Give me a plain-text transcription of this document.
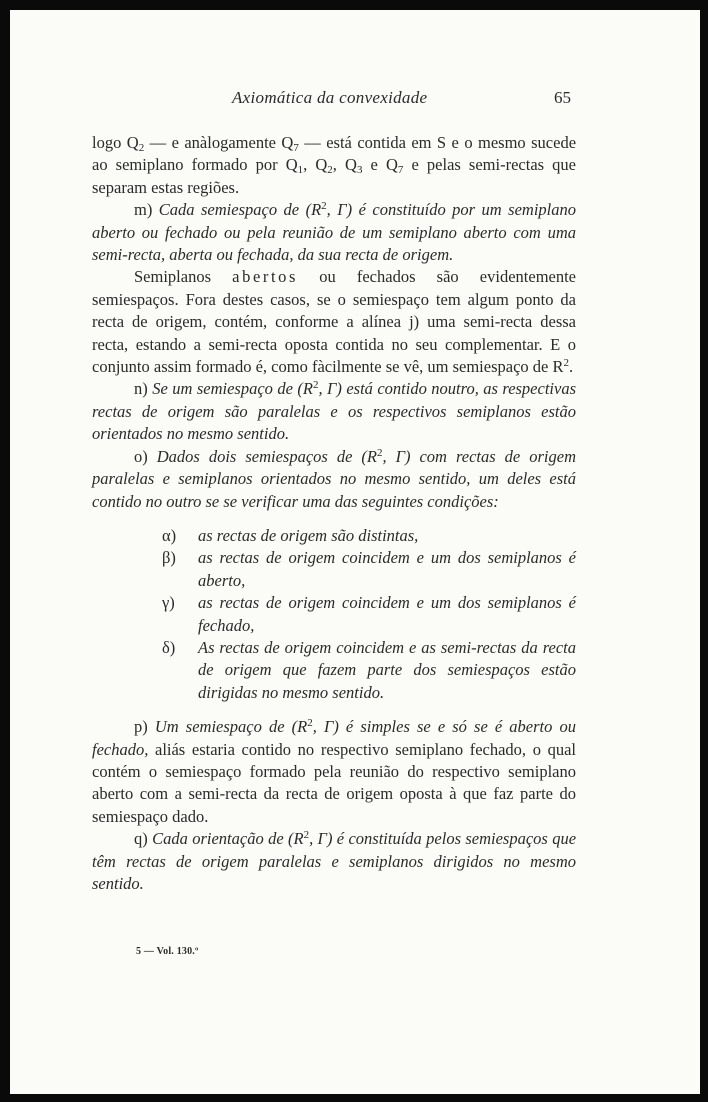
Axiomática da convexidade	65

logo $Q_2$ — e anàlogamente $Q_7$ — está contida em S e o mesmo sucede ao semiplano formado por $Q_1$, $Q_2$, $Q_3$ e $Q_7$ e pelas semi-rectas que separam estas regiões.

m) Cada semiespaço de ($R^2$, Γ) é constituído por um semiplano aberto ou fechado ou pela reunião de um semiplano aberto com uma semi-recta, aberta ou fechada, da sua recta de origem.

Semiplanos abertos ou fechados são evidentemente semiespaços. Fora destes casos, se o semiespaço tem algum ponto da recta de origem, contém, conforme a alínea j) uma semi-recta dessa recta, estando a semi-recta oposta contida no seu complementar. E o conjunto assim formado é, como fàcilmente se vê, um semiespaço de $R^2$.

n) Se um semiespaço de ($R^2$, Γ) está contido noutro, as respectivas rectas de origem são paralelas e os respectivos semiplanos estão orientados no mesmo sentido.

o) Dados dois semiespaços de ($R^2$, Γ) com rectas de origem paralelas e semiplanos orientados no mesmo sentido, um deles está contido no outro se se verificar uma das seguintes condições:

α)	as rectas de origem são distintas,
β)	as rectas de origem coincidem e um dos semiplanos é aberto,
γ)	as rectas de origem coincidem e um dos semiplanos é fechado,
δ)	As rectas de origem coincidem e as semi-rectas da recta de origem que fazem parte dos semiespaços estão dirigidas no mesmo sentido.

p) Um semiespaço de ($R^2$, Γ) é simples se e só se é aberto ou fechado, aliás estaria contido no respectivo semiplano fechado, o qual contém o semiespaço formado pela reunião do respectivo semiplano aberto com a semi-recta da recta de origem oposta à que faz parte do semiespaço dado.

q) Cada orientação de ($R^2$, Γ) é constituída pelos semiespaços que têm rectas de origem paralelas e semiplanos dirigidos no mesmo sentido.

5 — Vol. 130.º
